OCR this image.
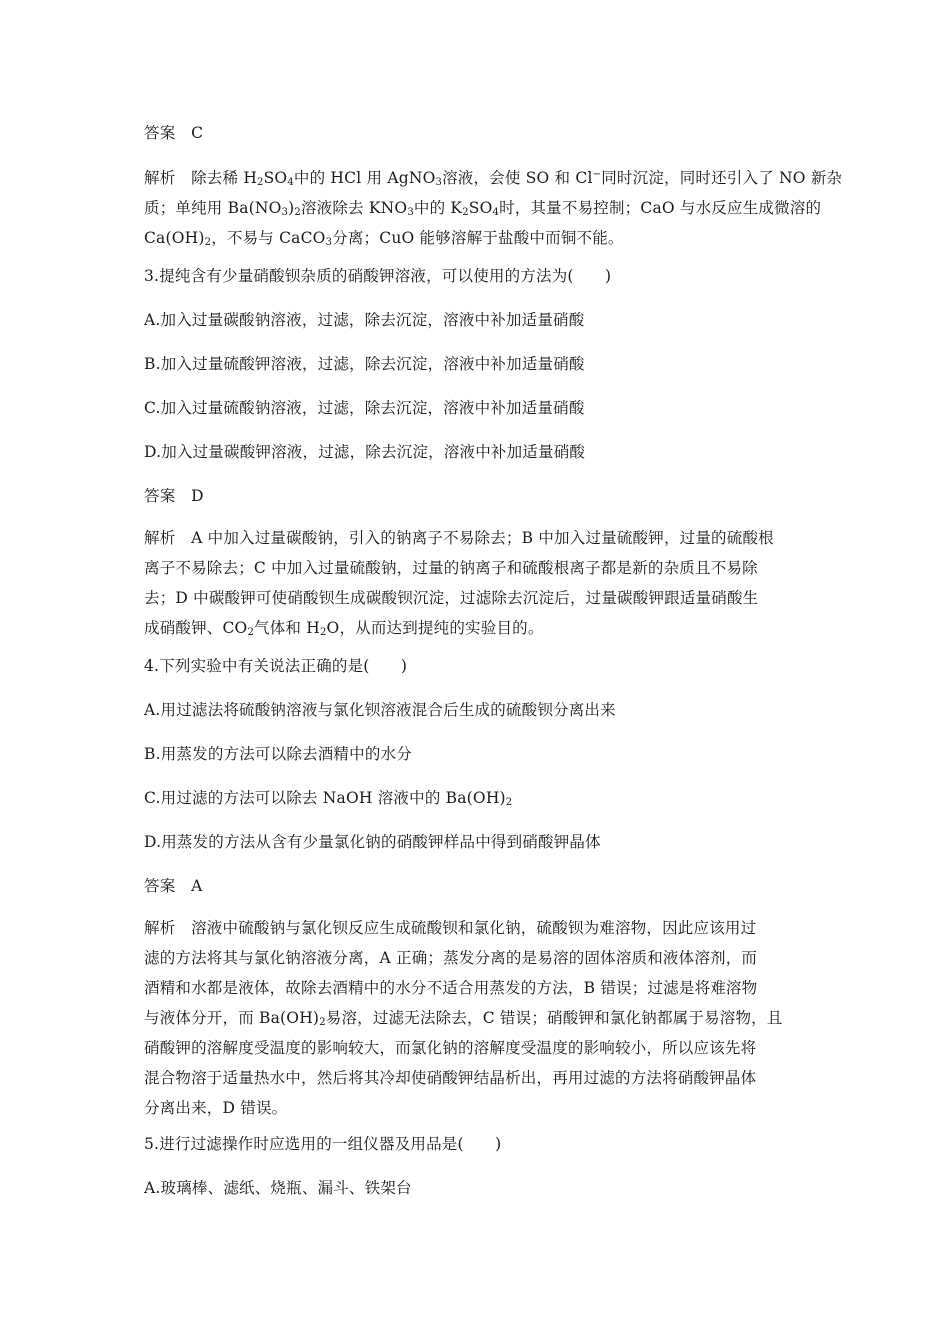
答案　C
解析　除去稀 $H_2SO_4$中的 HCl 用 AgNO$_3$溶液，会使 SO 和 Cl−同时沉淀，同时还引入了 NO 新杂
质；单纯用 $Ba(NO_3)_2$溶液除去 $KNO_3$中的 $K_2SO_4$时，其量不易控制；CaO 与水反应生成微溶的
$Ca(OH)_2$，不易与 CaCO$_3$分离；CuO 能够溶解于盐酸中而铜不能。
3.提纯含有少量硝酸钡杂质的硝酸钾溶液，可以使用的方法为(　　)
A.加入过量碳酸钠溶液，过滤，除去沉淀，溶液中补加适量硝酸
B.加入过量硫酸钾溶液，过滤，除去沉淀，溶液中补加适量硝酸
C.加入过量硫酸钠溶液，过滤，除去沉淀，溶液中补加适量硝酸
D.加入过量碳酸钾溶液，过滤，除去沉淀，溶液中补加适量硝酸
答案　D
解析　A 中加入过量碳酸钠，引入的钠离子不易除去；B 中加入过量硫酸钾，过量的硫酸根
离子不易除去；C 中加入过量硫酸钠，过量的钠离子和硫酸根离子都是新的杂质且不易除
去；D 中碳酸钾可使硝酸钡生成碳酸钡沉淀，过滤除去沉淀后，过量碳酸钾跟适量硝酸生
成硝酸钾、$CO_2$气体和 $H_2O$，从而达到提纯的实验目的。
4.下列实验中有关说法正确的是(　　)
A.用过滤法将硫酸钠溶液与氯化钡溶液混合后生成的硫酸钡分离出来
B.用蒸发的方法可以除去酒精中的水分
C.用过滤的方法可以除去 NaOH 溶液中的 $Ba(OH)_2$
D.用蒸发的方法从含有少量氯化钠的硝酸钾样品中得到硝酸钾晶体
答案　A
解析　溶液中硫酸钠与氯化钡反应生成硫酸钡和氯化钠，硫酸钡为难溶物，因此应该用过
滤的方法将其与氯化钠溶液分离，A 正确；蒸发分离的是易溶的固体溶质和液体溶剂，而
酒精和水都是液体，故除去酒精中的水分不适合用蒸发的方法，B 错误；过滤是将难溶物
与液体分开，而 $Ba(OH)_2$易溶，过滤无法除去，C 错误；硝酸钾和氯化钠都属于易溶物，且
硝酸钾的溶解度受温度的影响较大，而氯化钠的溶解度受温度的影响较小，所以应该先将
混合物溶于适量热水中，然后将其冷却使硝酸钾结晶析出，再用过滤的方法将硝酸钾晶体
分离出来，D 错误。
5.进行过滤操作时应选用的一组仪器及用品是(　　)
A.玻璃棒、滤纸、烧瓶、漏斗、铁架台
